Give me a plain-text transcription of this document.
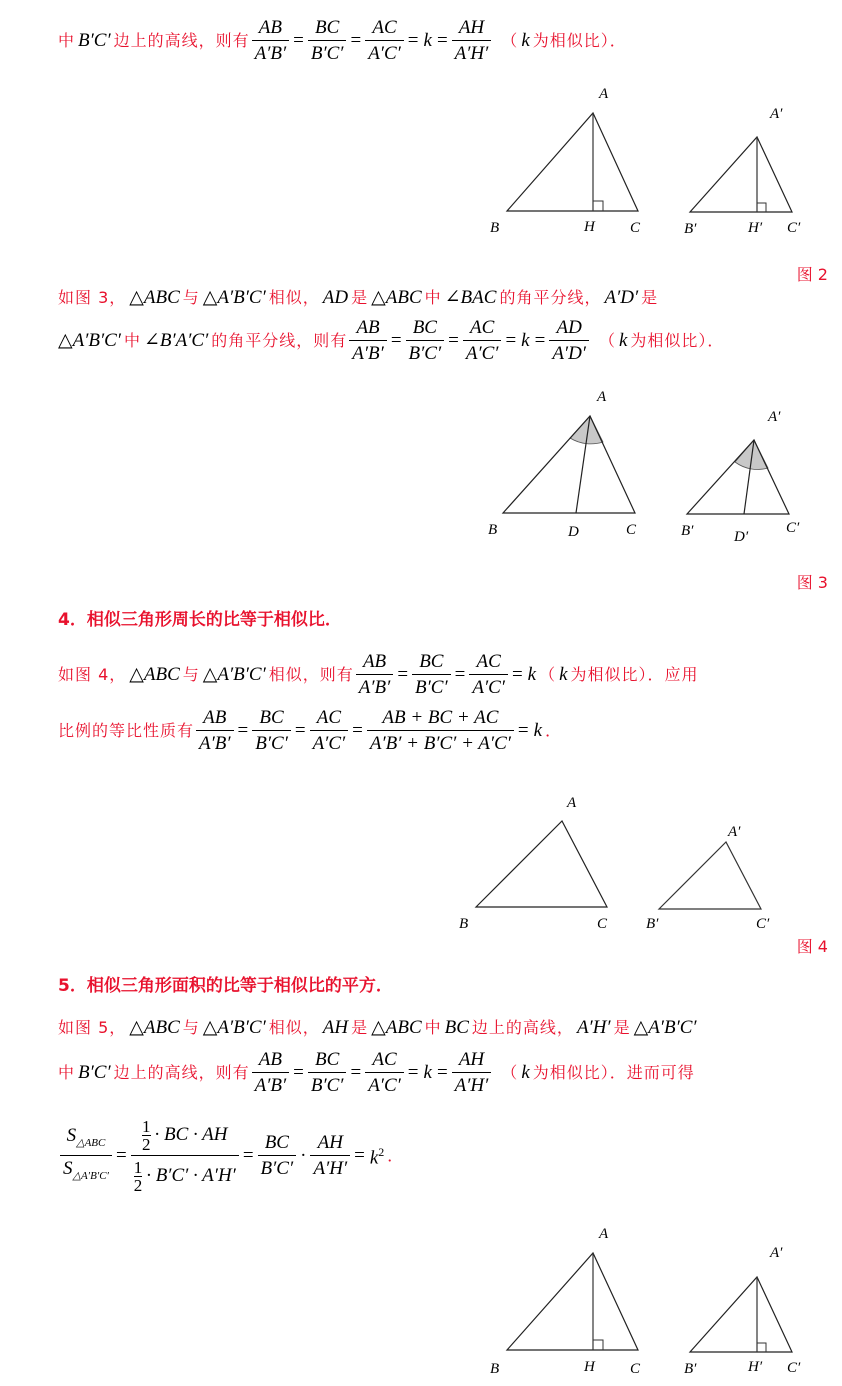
中 B′C′ 边上的高线，则有 $\frac{AB}{A'B'} = \frac{BC}{B'C'} = \frac{AC}{A'C'} = k = \frac{AH}{A'H'}$ （ k 为相似比）．
A
B	H C
A′
B′	H′ C′
图 2
如图 3， △ABC 与 △A′B′C′ 相似， AD 是 △ABC 中 ∠BAC 的角平分线， A′D′ 是
△A′B′C′ 中 ∠B′A′C′ 的角平分线，则有 $\frac{AB}{A'B'} = \frac{BC}{B'C'} = \frac{AC}{A'C'} = k = \frac{AD}{A'D'}$ （ k 为相似比）．
A
B	D	C
A′
B′	D′
C′
图 3
4．相似三角形周长的比等于相似比．
如图 4， △ABC 与 △A′B′C′ 相似，则有 $\frac{AB}{A'B'} = \frac{BC}{B'C'} = \frac{AC}{A'C'} = k$ （ k 为相似比）．应用
比例的等比性质有 $\frac{AB}{A'B'} = \frac{BC}{B'C'} = \frac{AC}{A'C'} = \frac{AB + BC + AC}{A'B' + B'C' + A'C'} = k$ ．
A
B	C
A′
B′	C′
图 4
5．相似三角形面积的比等于相似比的平方．
如图 5， △ABC 与 △A′B′C′ 相似， AH 是 △ABC 中 BC 边上的高线， A′H′ 是 △A′B′C′
中 B′C′ 边上的高线，则有 $\frac{AB}{A'B'} = \frac{BC}{B'C'} = \frac{AC}{A'C'} = k = \frac{AH}{A'H'}$ （ k 为相似比）．进而可得
$\frac{S_{\triangle ABC}}{S_{\triangle A'B'C'}} = 1$
2 · BC · AH
1
$2 \cdot B'C' \cdot A'H' = \frac{BC}{B'C'} \cdot \frac{AH}{A'H'} = k^2$ ．
A
B	H C
A′
B′	H′ C′
